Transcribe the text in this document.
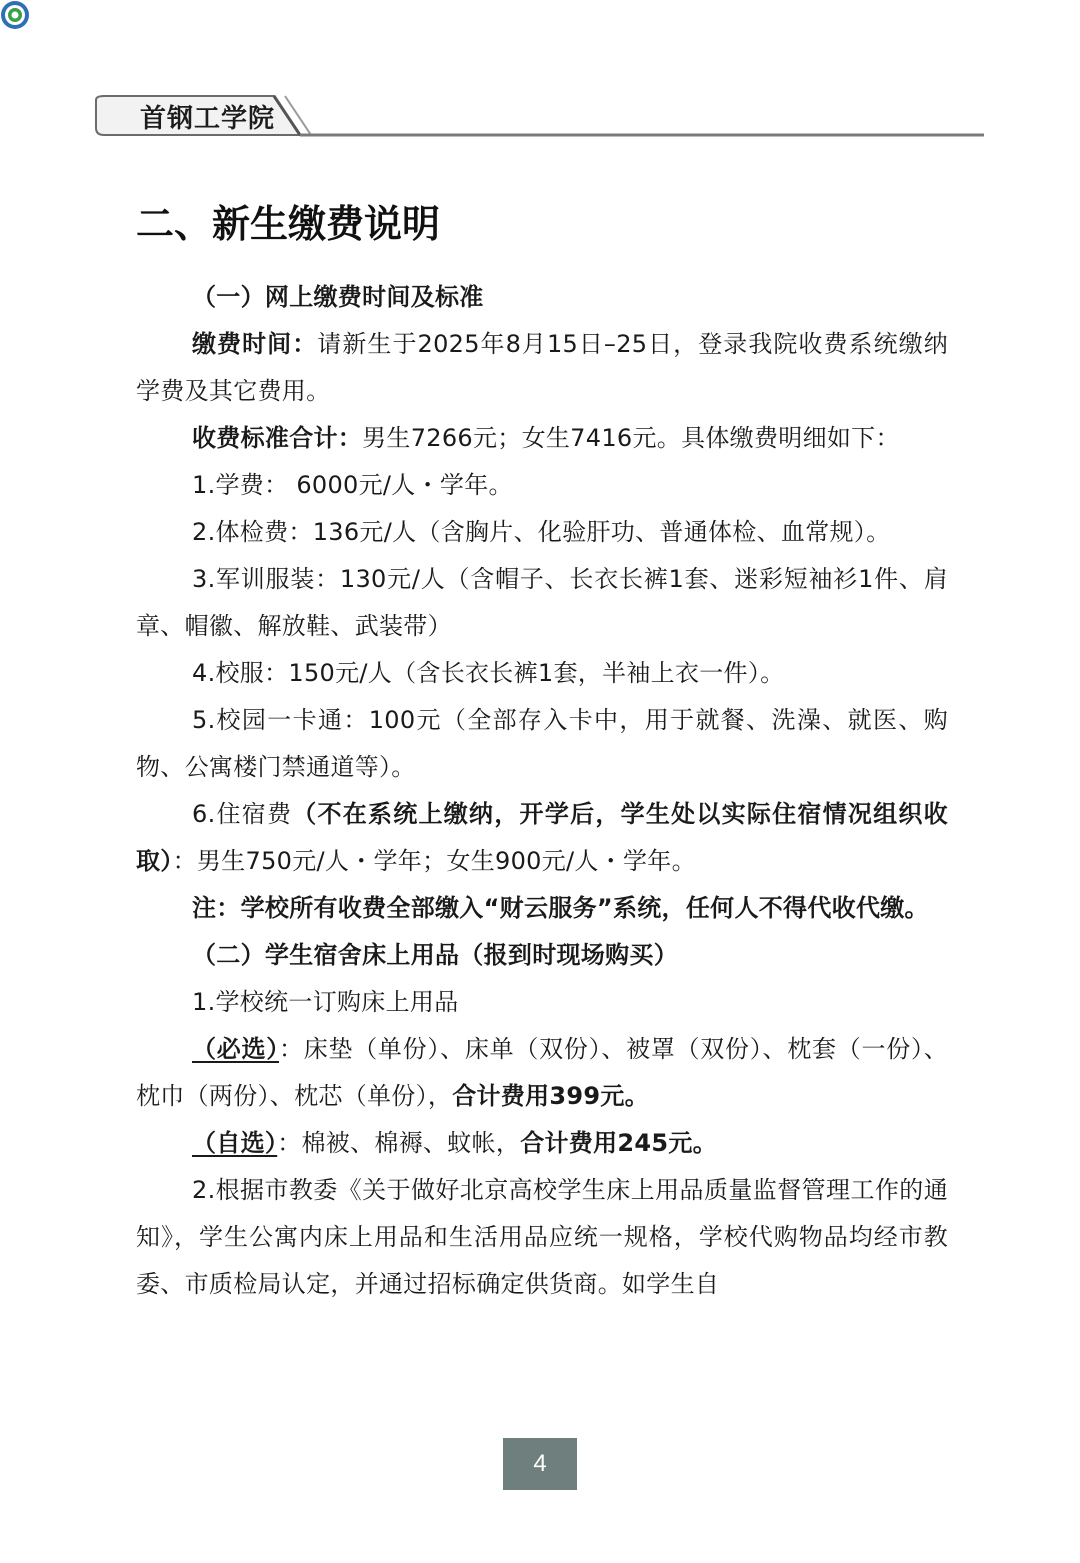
首钢工学院
二、新生缴费说明

（一）网上缴费时间及标准

缴费时间：请新生于2025年8月15日–25日，登录我院收费系统缴纳学费及其它费用。

收费标准合计：男生7266元；女生7416元。具体缴费明细如下：

1.学费： 6000元/人・学年。

2.体检费：136元/人（含胸片、化验肝功、普通体检、血常规）。

3.军训服装：130元/人（含帽子、长衣长裤1套、迷彩短袖衫1件、肩章、帽徽、解放鞋、武装带）

4.校服：150元/人（含长衣长裤1套，半袖上衣一件）。

5.校园一卡通：100元（全部存入卡中，用于就餐、洗澡、就医、购物、公寓楼门禁通道等）。

6.住宿费（不在系统上缴纳，开学后，学生处以实际住宿情况组织收取）：男生750元/人・学年；女生900元/人・学年。

注：学校所有收费全部缴入“财云服务”系统，任何人不得代收代缴。

（二）学生宿舍床上用品（报到时现场购买）

1.学校统一订购床上用品

（必选）：床垫（单份）、床单（双份）、被罩（双份）、枕套（一份）、枕巾（两份）、枕芯（单份），合计费用399元。

（自选）：棉被、棉褥、蚊帐，合计费用245元。

2.根据市教委《关于做好北京高校学生床上用品质量监督管理工作的通知》，学生公寓内床上用品和生活用品应统一规格，学校代购物品均经市教委、市质检局认定，并通过招标确定供货商。如学生自

4
